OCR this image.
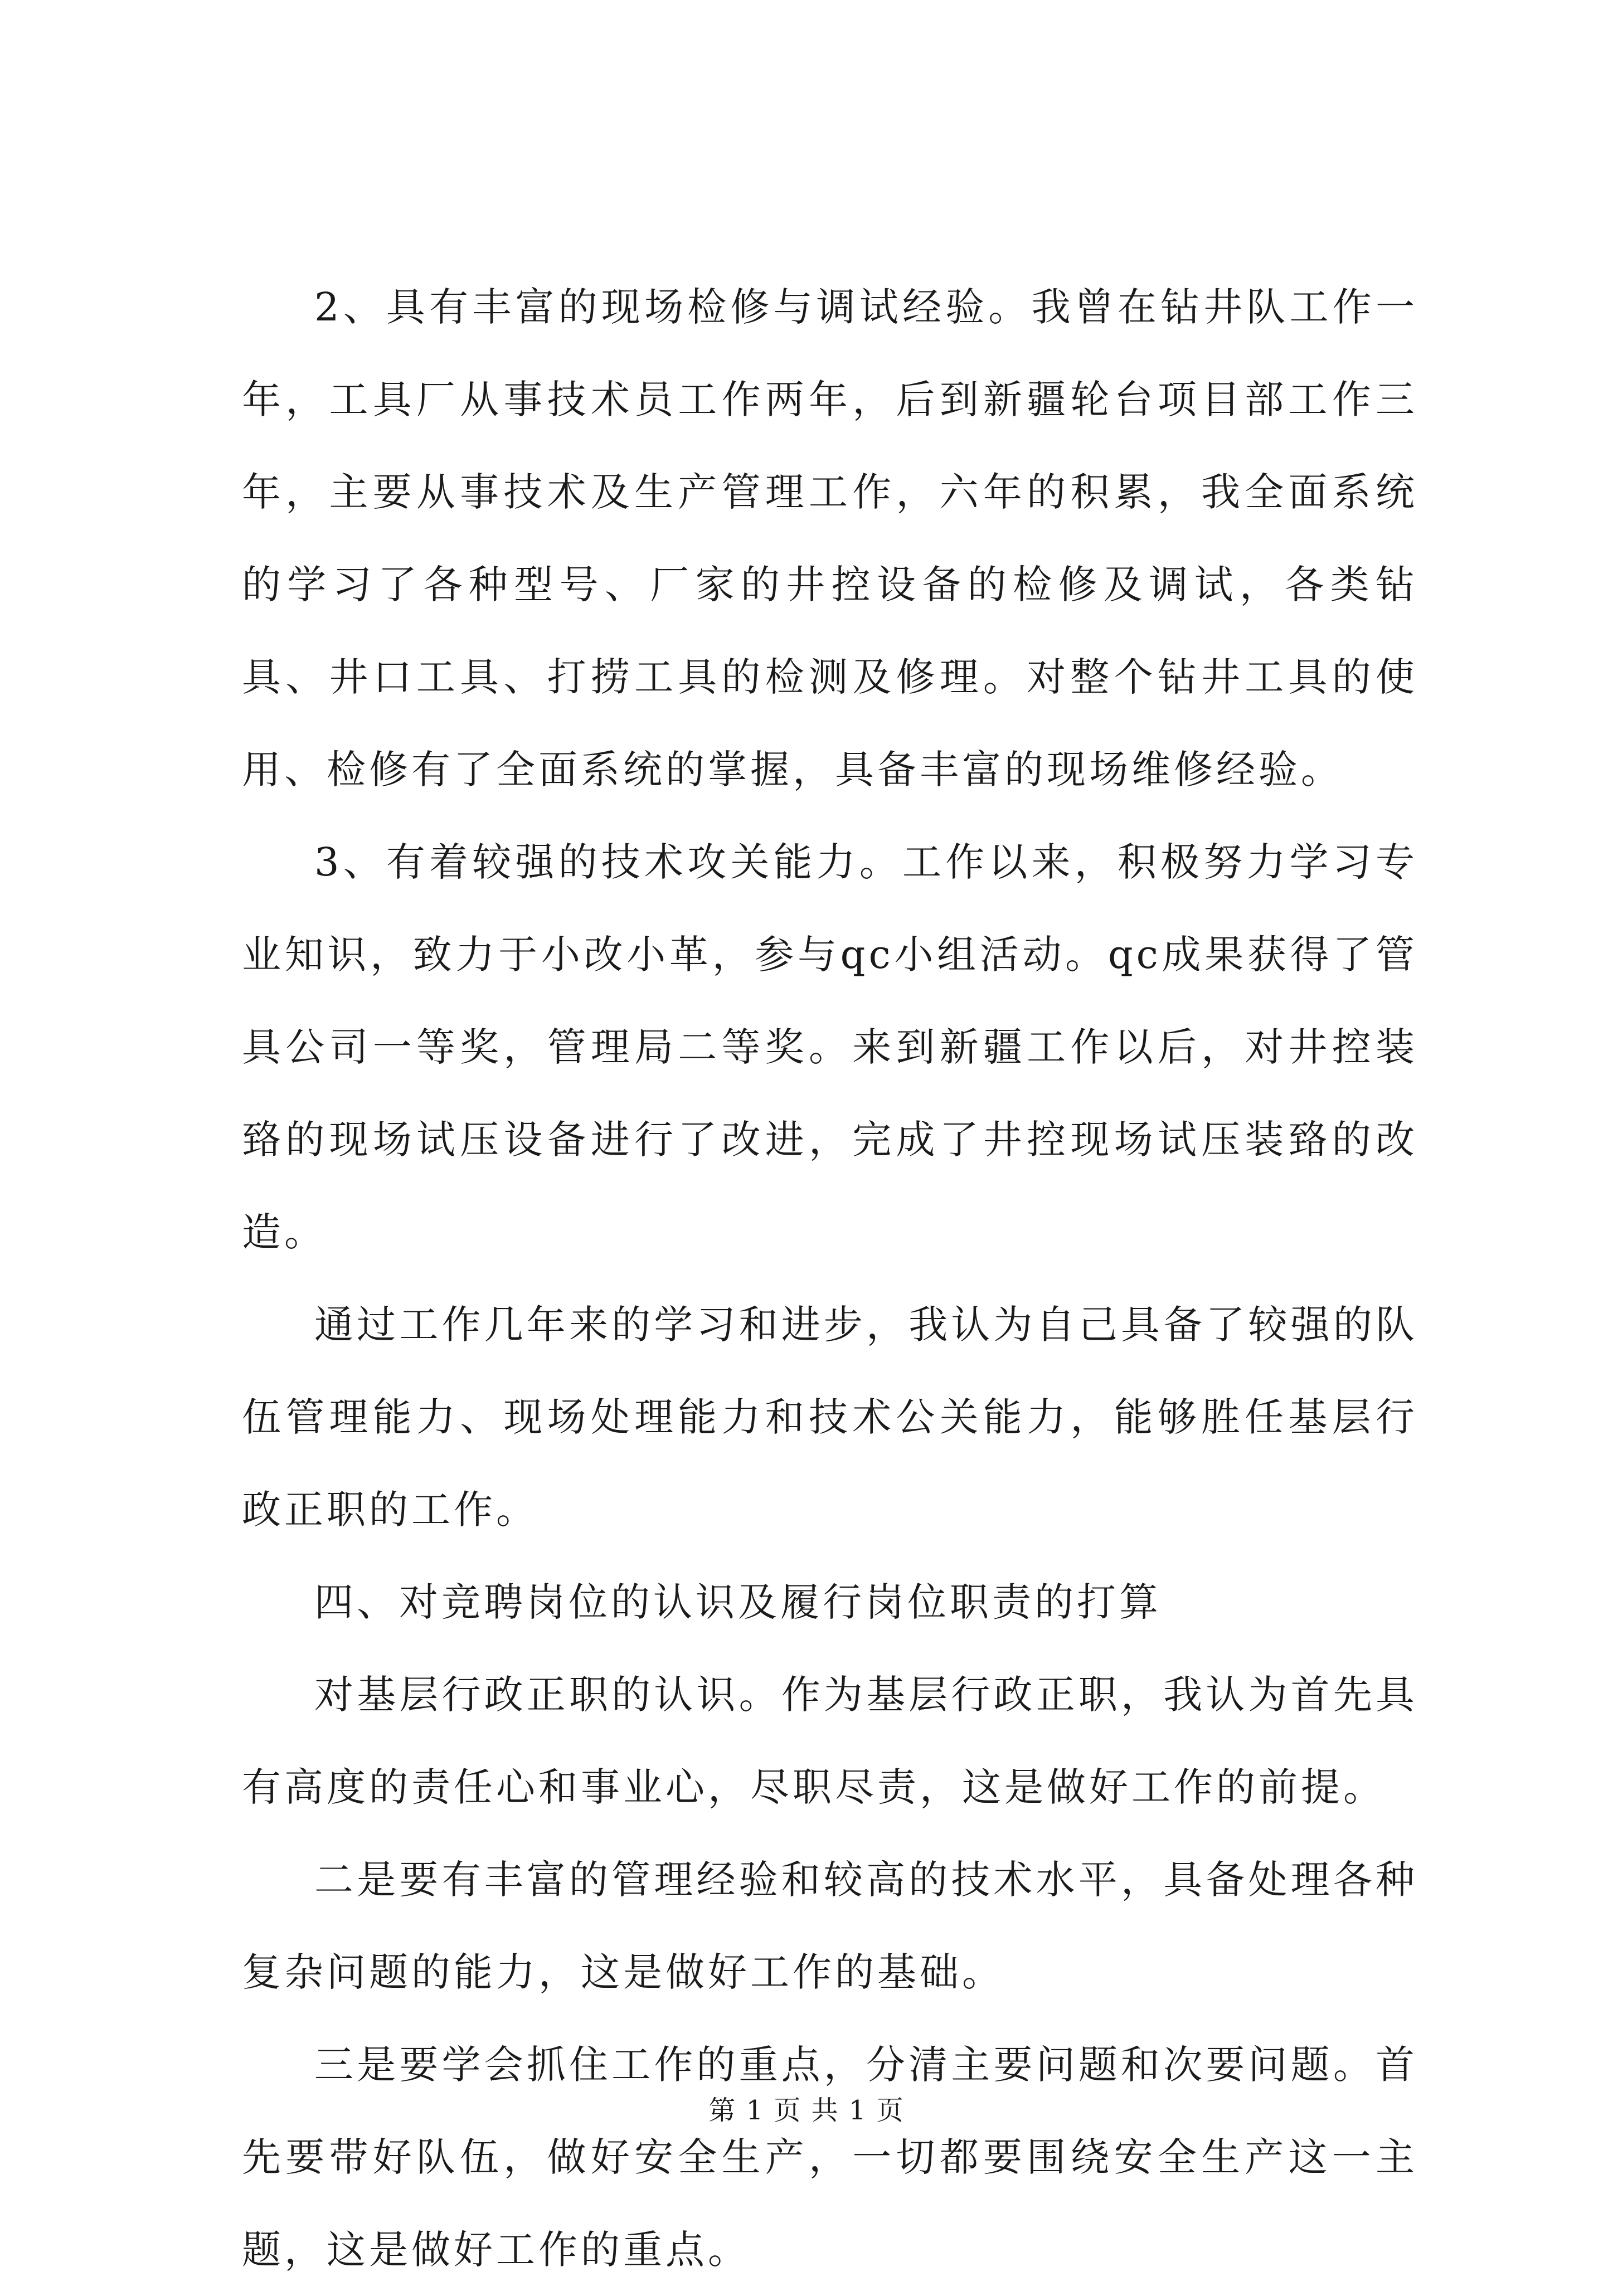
2、具有丰富的现场检修与调试经验。我曾在钻井队工作一年，工具厂从事技术员工作两年，后到新疆轮台项目部工作三年，主要从事技术及生产管理工作，六年的积累，我全面系统的学习了各种型号、厂家的井控设备的检修及调试，各类钻具、井口工具、打捞工具的检测及修理。对整个钻井工具的使用、检修有了全面系统的掌握，具备丰富的现场维修经验。

3、有着较强的技术攻关能力。工作以来，积极努力学习专业知识，致力于小改小革，参与qc小组活动。qc成果获得了管具公司一等奖，管理局二等奖。来到新疆工作以后，对井控装臵的现场试压设备进行了改进，完成了井控现场试压装臵的改造。

通过工作几年来的学习和进步，我认为自己具备了较强的队伍管理能力、现场处理能力和技术公关能力，能够胜任基层行政正职的工作。

四、对竞聘岗位的认识及履行岗位职责的打算

对基层行政正职的认识。作为基层行政正职，我认为首先具有高度的责任心和事业心，尽职尽责，这是做好工作的前提。

二是要有丰富的管理经验和较高的技术水平，具备处理各种复杂问题的能力，这是做好工作的基础。

三是要学会抓住工作的重点，分清主要问题和次要问题。首先要带好队伍，做好安全生产，一切都要围绕安全生产这一主题，这是做好工作的重点。

第 1 页 共 1 页
